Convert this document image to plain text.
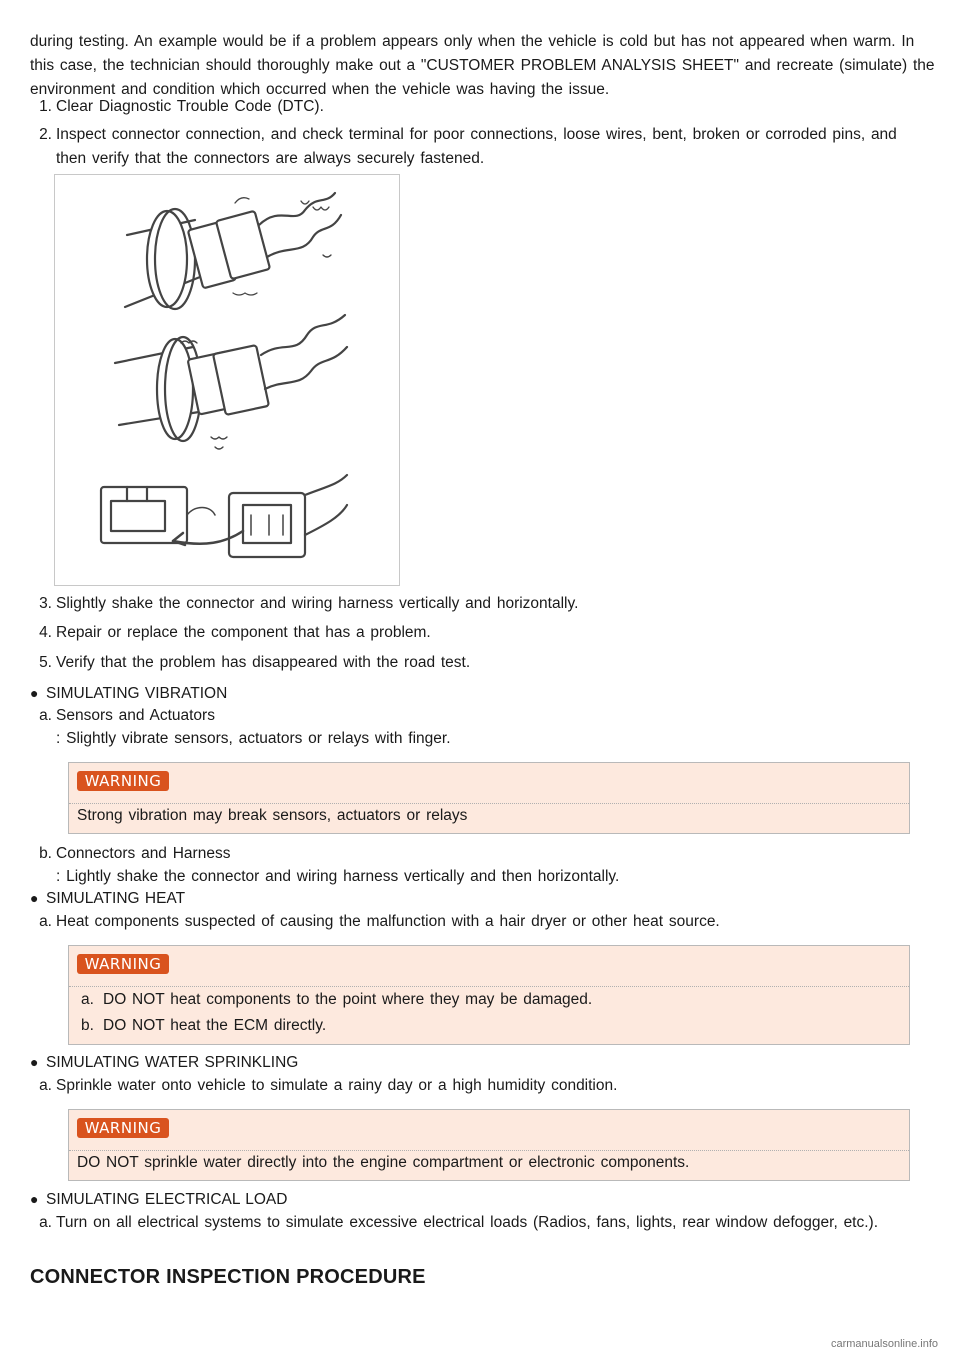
during testing. An example would be if a problem appears only when the vehicle is cold but has not appeared when warm. In this case, the technician should thoroughly make out a "CUSTOMER PROBLEM ANALYSIS SHEET" and recreate (simulate) the environment and condition which occurred when the vehicle was having the issue.

1. Clear Diagnostic Trouble Code (DTC).
2. Inspect connector connection, and check terminal for poor connections, loose wires, bent, broken or corroded pins, and then verify that the connectors are always securely fastened.
3. Slightly shake the connector and wiring harness vertically and horizontally.
4. Repair or replace the component that has a problem.
5. Verify that the problem has disappeared with the road test.
● SIMULATING VIBRATION
a. Sensors and Actuators
: Slightly vibrate sensors, actuators or relays with finger.
WARNING
Strong vibration may break sensors, actuators or relays
b. Connectors and Harness
: Lightly shake the connector and wiring harness vertically and then horizontally.
● SIMULATING HEAT
a. Heat components suspected of causing the malfunction with a hair dryer or other heat source.
WARNING
a. DO NOT heat components to the point where they may be damaged.
b. DO NOT heat the ECM directly.
● SIMULATING WATER SPRINKLING
a. Sprinkle water onto vehicle to simulate a rainy day or a high humidity condition.
WARNING
DO NOT sprinkle water directly into the engine compartment or electronic components.
● SIMULATING ELECTRICAL LOAD
a. Turn on all electrical systems to simulate excessive electrical loads (Radios, fans, lights, rear window defogger, etc.).
CONNECTOR INSPECTION PROCEDURE
carmanualsonline.info
